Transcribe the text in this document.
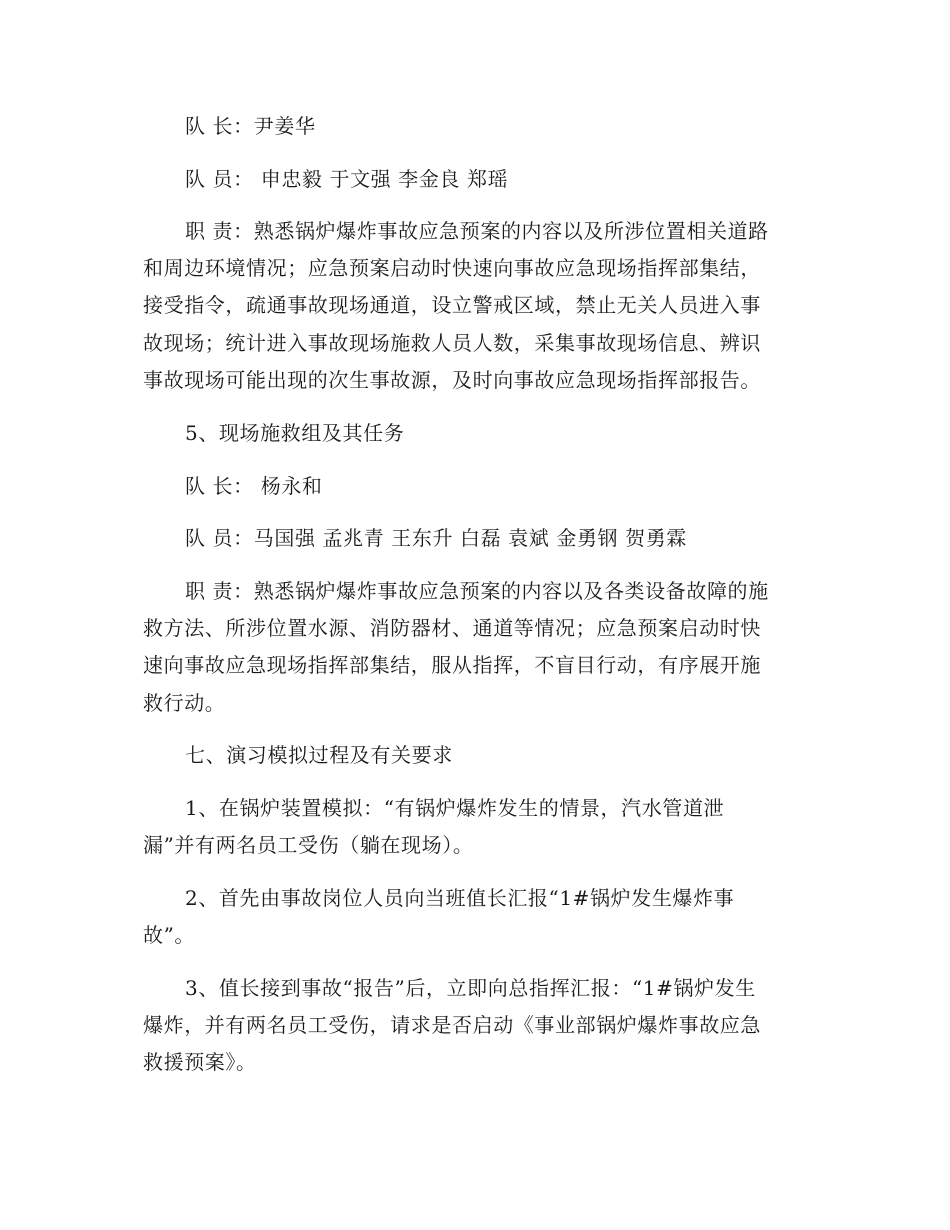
队 长：尹姜华
队 员： 申忠毅 于文强 李金良 郑瑶
职 责：熟悉锅炉爆炸事故应急预案的内容以及所涉位置相关道路
和周边环境情况；应急预案启动时快速向事故应急现场指挥部集结，
接受指令，疏通事故现场通道，设立警戒区域，禁止无关人员进入事
故现场；统计进入事故现场施救人员人数，采集事故现场信息、辨识
事故现场可能出现的次生事故源，及时向事故应急现场指挥部报告。
5、现场施救组及其任务
队 长： 杨永和
队 员：马国强 孟兆青 王东升 白磊 袁斌 金勇钢 贺勇霖
职 责：熟悉锅炉爆炸事故应急预案的内容以及各类设备故障的施
救方法、所涉位置水源、消防器材、通道等情况；应急预案启动时快
速向事故应急现场指挥部集结，服从指挥，不盲目行动，有序展开施
救行动。
七、演习模拟过程及有关要求
1、在锅炉装置模拟：“有锅炉爆炸发生的情景，汽水管道泄
漏”并有两名员工受伤（躺在现场）。
2、首先由事故岗位人员向当班值长汇报“1#锅炉发生爆炸事
故”。
3、值长接到事故“报告”后，立即向总指挥汇报：“1#锅炉发生
爆炸，并有两名员工受伤，请求是否启动《事业部锅炉爆炸事故应急
救援预案》。
